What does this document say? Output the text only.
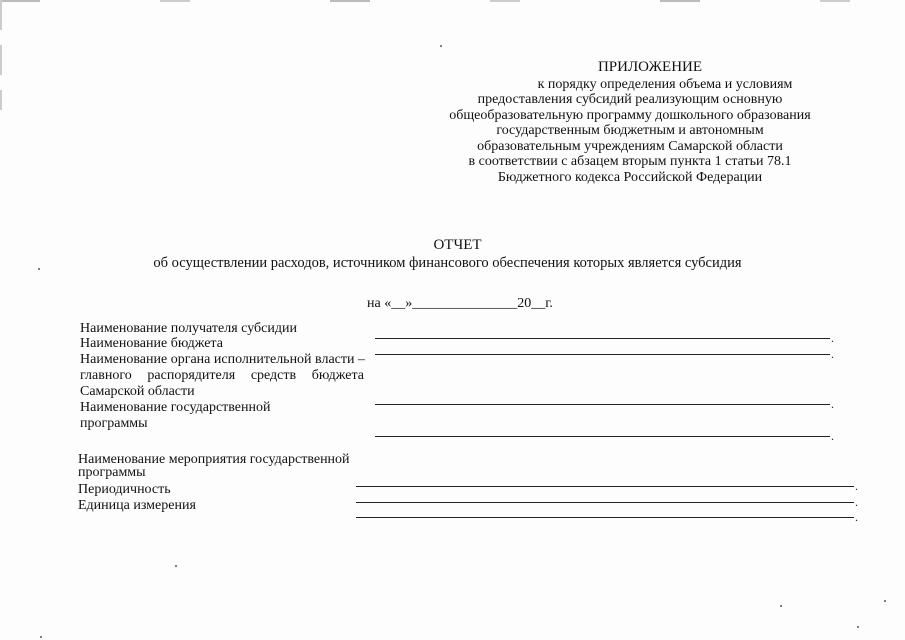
ПРИЛОЖЕНИЕ
к порядку определения объема и условиям
предоставления субсидий реализующим основную
общеобразовательную программу дошкольного образования
государственным бюджетным и автономным
образовательным учреждениям Самарской области
в соответствии с абзацем вторым пункта 1 статьи 78.1
Бюджетного кодекса Российской Федерации
ОТЧЕТ
об осуществлении расходов, источником финансового обеспечения которых является субсидия
на «__»_______________20__г.
Наименование получателя субсидии
Наименование бюджета
Наименование органа исполнительной власти –
главного распорядителя средств бюджета
Самарской области
Наименование государственной
программы
Наименование мероприятия государственной
программы
Периодичность
Единица измерения
.
.
.
.
.
.
.
